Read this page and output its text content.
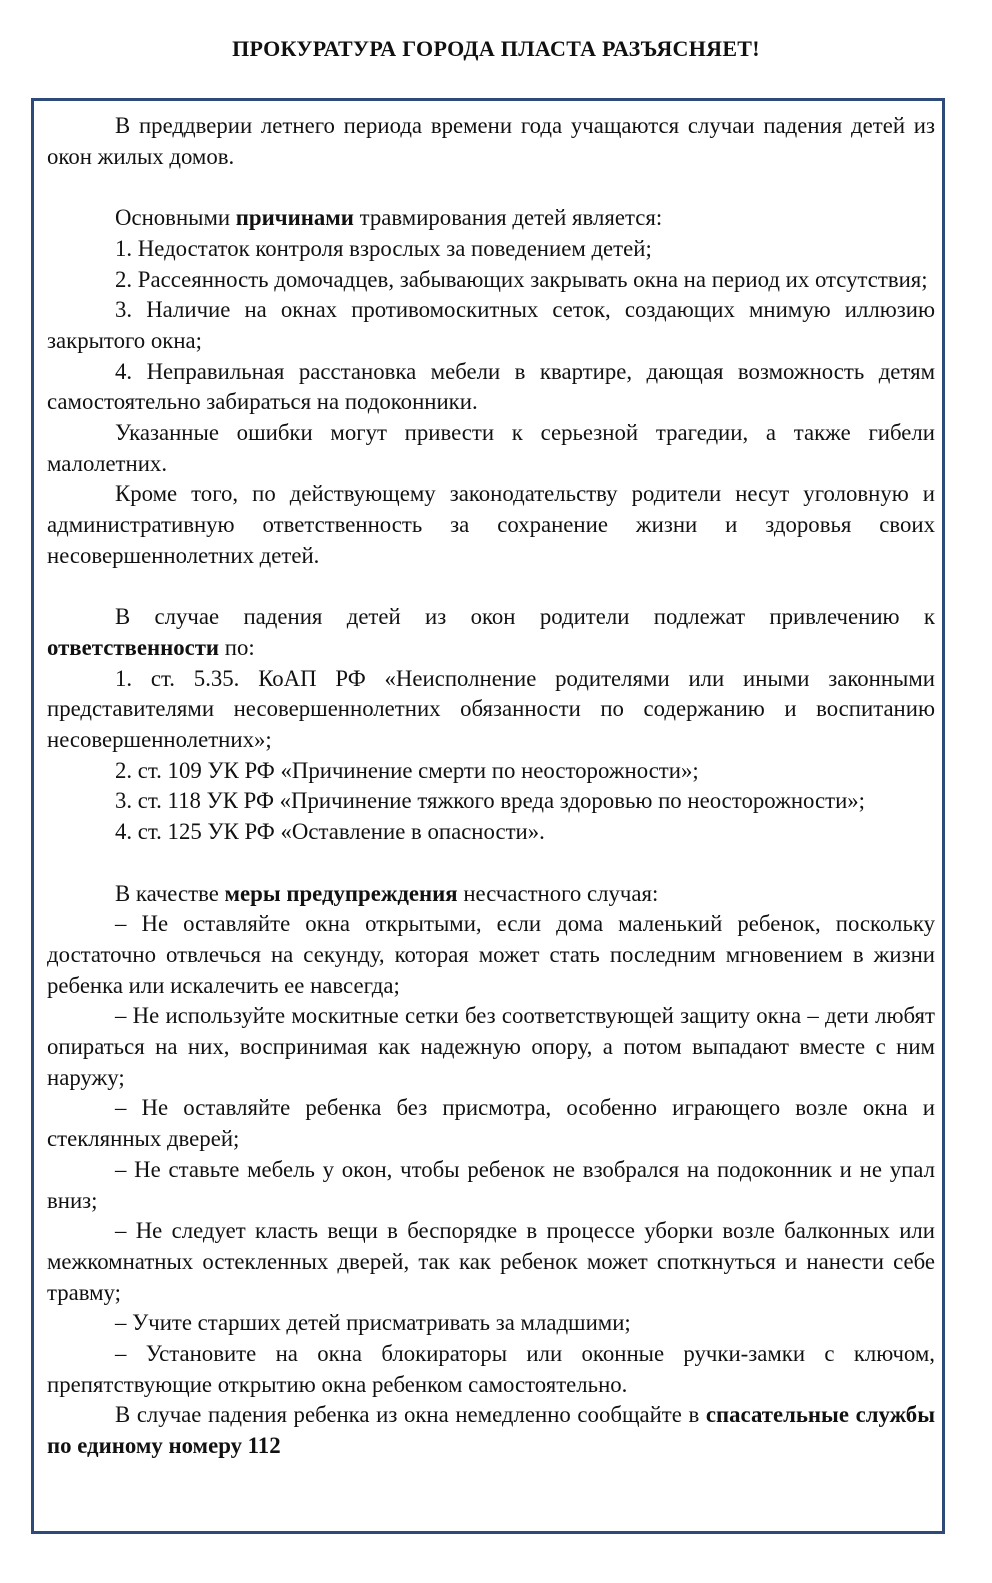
ПРОКУРАТУРА ГОРОДА ПЛАСТА РАЗЪЯСНЯЕТ!

В преддверии летнего периода времени года учащаются случаи падения детей из окон жилых домов.

Основными причинами травмирования детей является:

1. Недостаток контроля взрослых за поведением детей;

2. Рассеянность домочадцев, забывающих закрывать окна на период их отсутствия;

3. Наличие на окнах противомоскитных сеток, создающих мнимую иллюзию закрытого окна;

4. Неправильная расстановка мебели в квартире, дающая возможность детям самостоятельно забираться на подоконники.

Указанные ошибки могут привести к серьезной трагедии, а также гибели малолетних.

Кроме того, по действующему законодательству родители несут уголовную и административную ответственность за сохранение жизни и здоровья своих несовершеннолетних детей.

В случае падения детей из окон родители подлежат привлечению к ответственности по:

1. ст. 5.35. КоАП РФ «Неисполнение родителями или иными законными представителями несовершеннолетних обязанности по содержанию и воспитанию несовершеннолетних»;

2. ст. 109 УК РФ «Причинение смерти по неосторожности»;

3. ст. 118 УК РФ «Причинение тяжкого вреда здоровью по неосторожности»;

4. ст. 125 УК РФ «Оставление в опасности».

В качестве меры предупреждения несчастного случая:

– Не оставляйте окна открытыми, если дома маленький ребенок, поскольку достаточно отвлечься на секунду, которая может стать последним мгновением в жизни ребенка или искалечить ее навсегда;

– Не используйте москитные сетки без соответствующей защиту окна – дети любят опираться на них, воспринимая как надежную опору, а потом выпадают вместе с ним наружу;

– Не оставляйте ребенка без присмотра, особенно играющего возле окна и стеклянных дверей;

– Не ставьте мебель у окон, чтобы ребенок не взобрался на подоконник и не упал вниз;

– Не следует класть вещи в беспорядке в процессе уборки возле балконных или межкомнатных остекленных дверей, так как ребенок может споткнуться и нанести себе травму;

– Учите старших детей присматривать за младшими;

– Установите на окна блокираторы или оконные ручки-замки с ключом, препятствующие открытию окна ребенком самостоятельно.

В случае падения ребенка из окна немедленно сообщайте в спасательные службы по единому номеру 112
